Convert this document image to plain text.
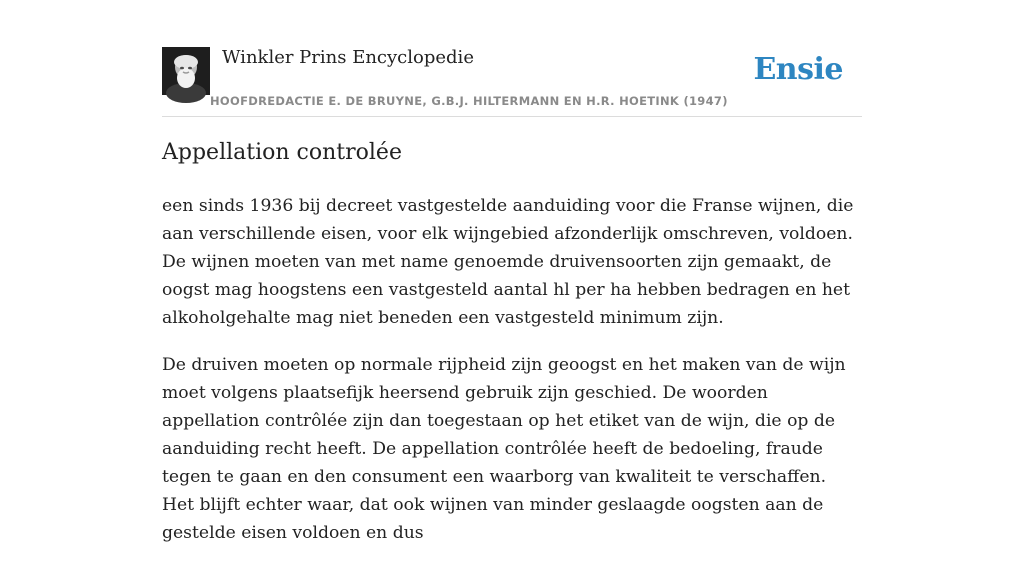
Winkler Prins Encyclopedie
HOOFDREDACTIE E. DE BRUYNE, G.B.J. HILTERMANN EN H.R. HOETINK (1947)
Ensie
Appellation controlée

een sinds 1936 bij decreet vastgestelde aanduiding voor die Franse wijnen, die aan verschillende eisen, voor elk wijngebied afzonderlijk omschreven, voldoen. De wijnen moeten van met name genoemde druivensoorten zijn gemaakt, de oogst mag hoogstens een vastgesteld aantal hl per ha hebben bedragen en het alkoholgehalte mag niet beneden een vastgesteld minimum zijn.

De druiven moeten op normale rijpheid zijn geoogst en het maken van de wijn moet volgens plaatsefijk heersend gebruik zijn geschied. De woorden appellation contrôlée zijn dan toegestaan op het etiket van de wijn, die op de aanduiding recht heeft. De appellation contrôlée heeft de bedoeling, fraude tegen te gaan en den consument een waarborg van kwaliteit te verschaffen. Het blijft echter waar, dat ook wijnen van minder geslaagde oogsten aan de gestelde eisen voldoen en dus
